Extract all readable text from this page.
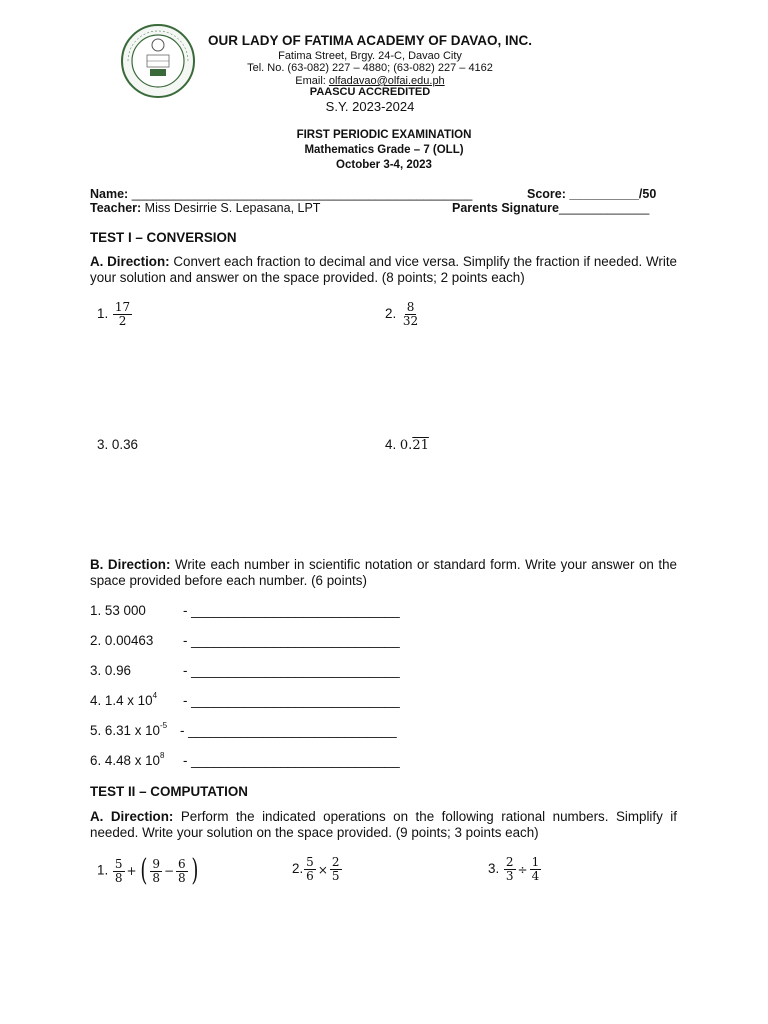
OUR LADY OF FATIMA ACADEMY OF DAVAO, INC.
Fatima Street, Brgy. 24-C, Davao City
Tel. No. (63-082) 227 – 4880; (63-082) 227 – 4162
Email: olfadavao@olfai.edu.ph
PAASCU ACCREDITED
S.Y. 2023-2024
FIRST PERIODIC EXAMINATION
Mathematics Grade – 7 (OLL)
October 3-4, 2023
Name: _________________________________________________	Score: __________/50
Teacher: Miss Desirrie S. Lepasana, LPT	Parents Signature_____________
TEST I – CONVERSION
A. Direction: Convert each fraction to decimal and vice versa. Simplify the fraction if needed. Write your solution and answer on the space provided. (8 points; 2 points each)
1. $\frac{17}{2}$	2. $\frac{8}{32}$
3. 0.36	4. 0.21
B. Direction: Write each number in scientific notation or standard form. Write your answer on the space provided before each number. (6 points)
1. 53 000	- ____________________________
2. 0.00463 - ____________________________
3. 0.96	- ____________________________
4. 1.4 x $10^4$ - ____________________________
5. 6.31 x $10^{-5}$ - ____________________________
6. 4.48 x $10^8$ - ____________________________
TEST II – COMPUTATION
A. Direction: Perform the indicated operations on the following rational numbers. Simplify if needed. Write your solution on the space provided. (9 points; 3 points each)
1. $\frac{5}{8}$ + ( $\frac{9}{8} - \frac{6}{8}$ )	2. $\frac{5}{6} \times \frac{2}{5}$	3. $\frac{2}{3} \div \frac{1}{4}$
